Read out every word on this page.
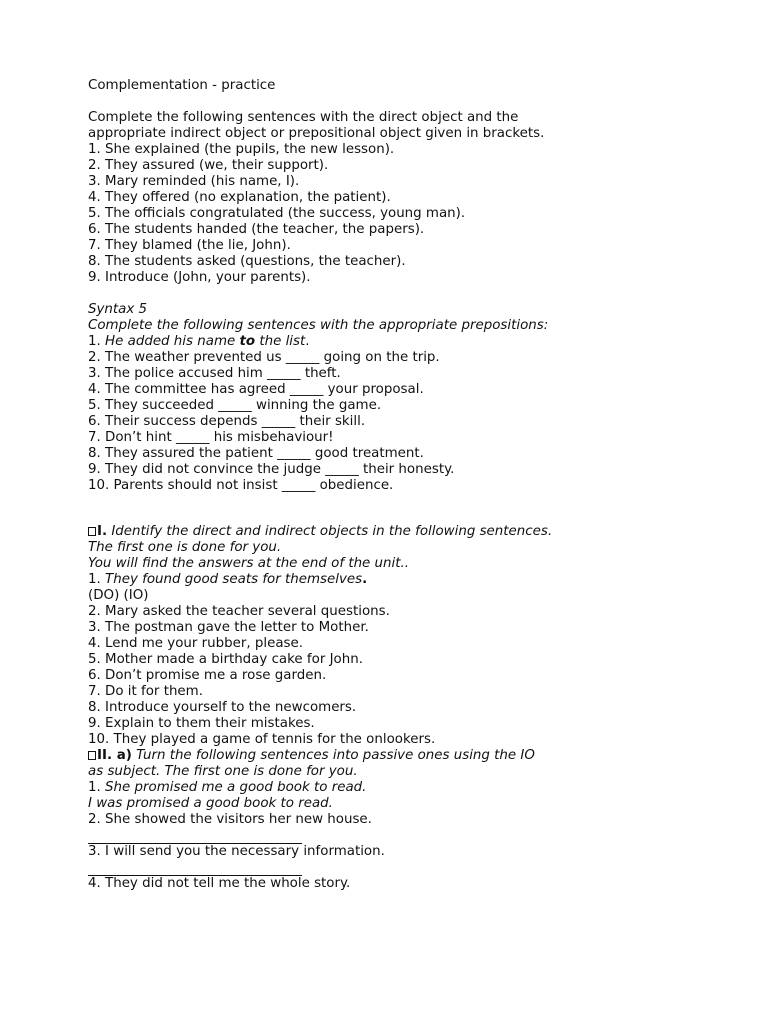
Complementation - practice
Complete the following sentences with the direct object and the
appropriate indirect object or prepositional object given in brackets.
1. She explained (the pupils, the new lesson).
2. They assured (we, their support).
3. Mary reminded (his name, I).
4. They offered (no explanation, the patient).
5. The officials congratulated (the success, young man).
6. The students handed (the teacher, the papers).
7. They blamed (the lie, John).
8. The students asked (questions, the teacher).
9. Introduce (John, your parents).
Syntax 5
Complete the following sentences with the appropriate prepositions:
1. He added his name to the list.
2. The weather prevented us _____ going on the trip.
3. The police accused him _____ theft.
4. The committee has agreed _____ your proposal.
5. They succeeded _____ winning the game.
6. Their success depends _____ their skill.
7. Don’t hint _____ his misbehaviour!
8. They assured the patient _____ good treatment.
9. They did not convince the judge _____ their honesty.
10. Parents should not insist _____ obedience.
I. Identify the direct and indirect objects in the following sentences.
The first one is done for you.
You will find the answers at the end of the unit..
1. They found good seats for themselves.
(DO) (IO)
2. Mary asked the teacher several questions.
3. The postman gave the letter to Mother.
4. Lend me your rubber, please.
5. Mother made a birthday cake for John.
6. Don’t promise me a rose garden.
7. Do it for them.
8. Introduce yourself to the newcomers.
9. Explain to them their mistakes.
10. They played a game of tennis for the onlookers.
II. a) Turn the following sentences into passive ones using the IO
as subject. The first one is done for you.
1. She promised me a good book to read.
I was promised a good book to read.
2. She showed the visitors her new house.
3. I will send you the necessary information.
4. They did not tell me the whole story.
